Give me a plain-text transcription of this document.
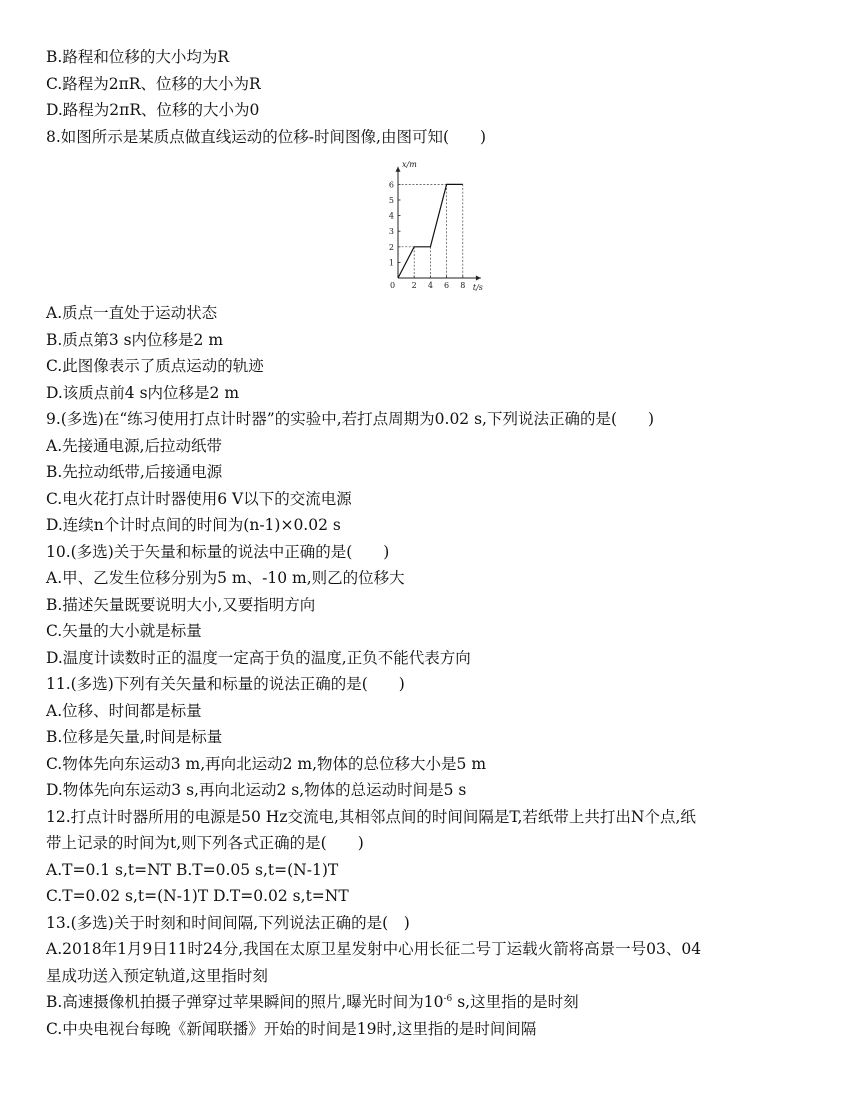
B.路程和位移的大小均为R
C.路程为2πR、位移的大小为R
D.路程为2πR、位移的大小为0
8.如图所示是某质点做直线运动的位移-时间图像,由图可知(　　)
t/s
x/m
0 2 4 6 8
1
2
3
4
5
6
A.质点一直处于运动状态
B.质点第3 s内位移是2 m
C.此图像表示了质点运动的轨迹
D.该质点前4 s内位移是2 m
9.(多选)在“练习使用打点计时器”的实验中,若打点周期为0.02 s,下列说法正确的是(　　)
A.先接通电源,后拉动纸带
B.先拉动纸带,后接通电源
C.电火花打点计时器使用6 V以下的交流电源
D.连续n个计时点间的时间为(n-1)×0.02 s
10.(多选)关于矢量和标量的说法中正确的是(　　)
A.甲、乙发生位移分别为5 m、-10 m,则乙的位移大
B.描述矢量既要说明大小,又要指明方向
C.矢量的大小就是标量
D.温度计读数时正的温度一定高于负的温度,正负不能代表方向
11.(多选)下列有关矢量和标量的说法正确的是(　　)
A.位移、时间都是标量
B.位移是矢量,时间是标量
C.物体先向东运动3 m,再向北运动2 m,物体的总位移大小是5 m
D.物体先向东运动3 s,再向北运动2 s,物体的总运动时间是5 s
12.打点计时器所用的电源是50 Hz交流电,其相邻点间的时间间隔是T,若纸带上共打出N个点,纸
带上记录的时间为t,则下列各式正确的是(　　)
A.T=0.1 s,t=NT B.T=0.05 s,t=(N-1)T
C.T=0.02 s,t=(N-1)T D.T=0.02 s,t=NT
13.(多选)关于时刻和时间间隔,下列说法正确的是(　)
A.2018年1月9日11时24分,我国在太原卫星发射中心用长征二号丁运载火箭将高景一号03、04
星成功送入预定轨道,这里指时刻
B.高速摄像机拍摄子弹穿过苹果瞬间的照片,曝光时间为$10^{-6}$ s,这里指的是时刻
C.中央电视台每晚《新闻联播》开始的时间是19时,这里指的是时间间隔
